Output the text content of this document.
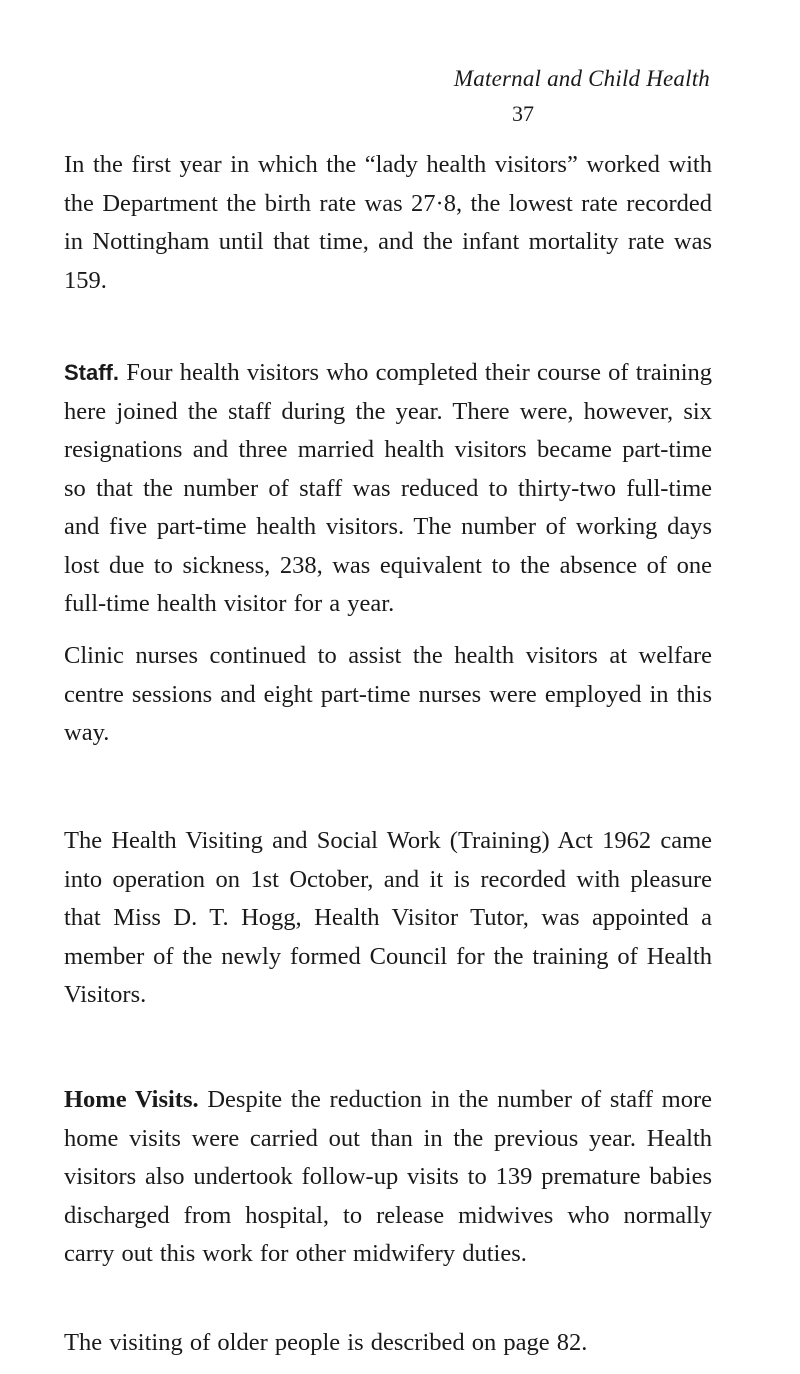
Maternal and Child Health
37

In the first year in which the “lady health visitors” worked with the Department the birth rate was 27·8, the lowest rate recorded in Nottingham until that time, and the infant mortality rate was 159.

Staff. Four health visitors who completed their course of training here joined the staff during the year. There were, however, six resignations and three married health visitors became part-time so that the number of staff was reduced to thirty-two full-time and five part-time health visitors. The number of working days lost due to sickness, 238, was equivalent to the absence of one full-time health visitor for a year.

Clinic nurses continued to assist the health visitors at welfare centre sessions and eight part-time nurses were employed in this way.

The Health Visiting and Social Work (Training) Act 1962 came into operation on 1st October, and it is recorded with pleasure that Miss D. T. Hogg, Health Visitor Tutor, was appointed a member of the newly formed Council for the training of Health Visitors.

Home Visits. Despite the reduction in the number of staff more home visits were carried out than in the previous year. Health visitors also undertook follow-up visits to 139 premature babies discharged from hospital, to release midwives who normally carry out this work for other midwifery duties.

The visiting of older people is described on page 82.
